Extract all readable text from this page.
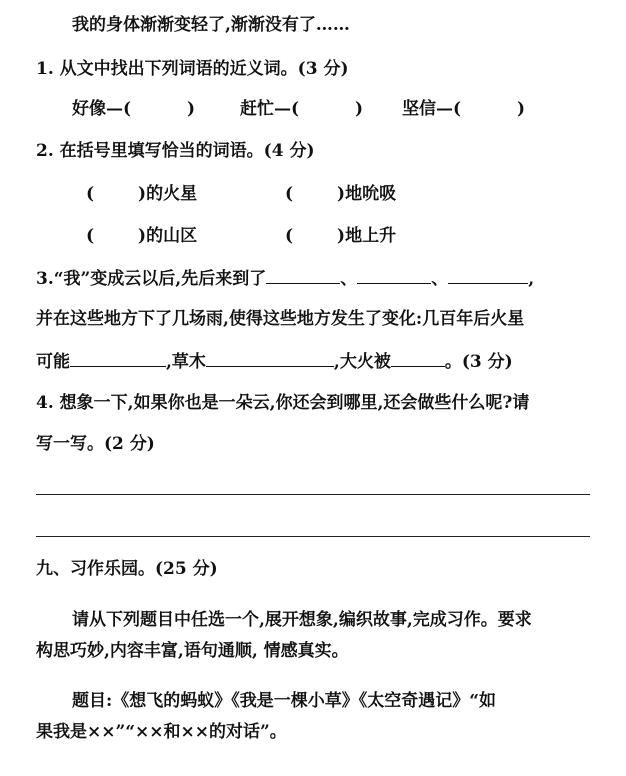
我的身体渐渐变轻了,渐渐没有了……
1. 从文中找出下列词语的近义词。(3 分)
好像—(	)	赶忙—(	) 坚信—(	)
2. 在括号里填写恰当的词语。(4 分)
(	)的火星	(	)地吮吸
(	)的山区	(	)地上升
3.“我”变成云以后,先后来到了	、	、	,
并在这些地方下了几场雨,使得这些地方发生了变化:几百年后火星
可能	,草木	,大火被	。(3 分)
4. 想象一下,如果你也是一朵云,你还会到哪里,还会做些什么呢?请
写一写。(2 分)
九、习作乐园。(25 分)
请从下列题目中任选一个,展开想象,编织故事,完成习作。要求
构思巧妙,内容丰富,语句通顺, 情感真实。
题目:《想飞的蚂蚁》《我是一棵小草》《太空奇遇记》“如
果我是××”“××和××的对话”。
